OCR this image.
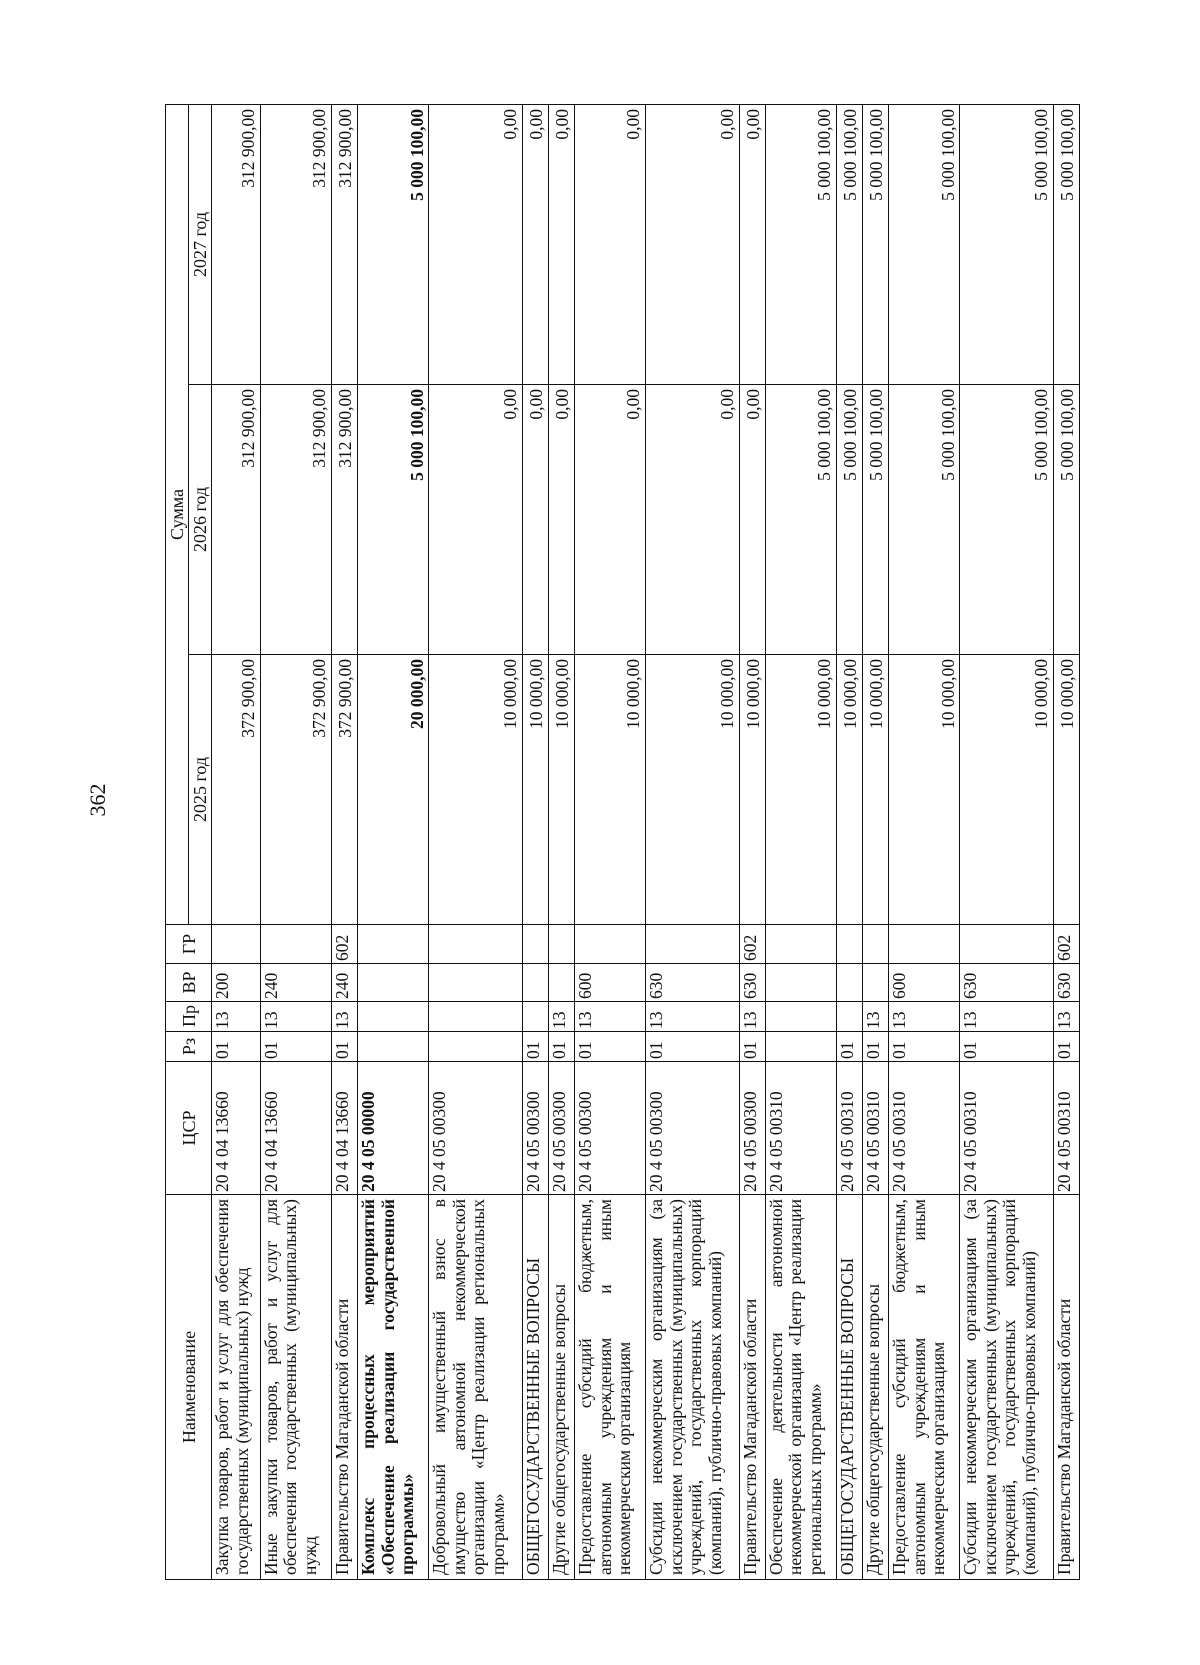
362
Наименование	ЦСР	Рз	Пр	ВР	ГР	Сумма		
						2025 год	2026 год	2027 год
Закупка товаров, работ и услуг для обеспечения государственных (муниципальных) нужд	20 4 04 13660	01	13	200		372 900,00	312 900,00	312 900,00
Иные закупки товаров, работ и услуг для обеспечения государственных (муниципальных) нужд	20 4 04 13660	01	13	240		372 900,00	312 900,00	312 900,00
Правительство Магаданской области	20 4 04 13660	01	13	240	602	372 900,00	312 900,00	312 900,00
Комплекс процессных мероприятий «Обеспечение реализации государственной программы»	20 4 05 00000					20 000,00	5 000 100,00	5 000 100,00
Добровольный имущественный взнос в имущество автономной некоммерческой организации «Центр реализации региональных программ»	20 4 05 00300					10 000,00	0,00	0,00
ОБЩЕГОСУДАРСТВЕННЫЕ ВОПРОСЫ	20 4 05 00300	01				10 000,00	0,00	0,00
Другие общегосударственные вопросы	20 4 05 00300	01	13			10 000,00	0,00	0,00
Предоставление субсидий бюджетным, автономным учреждениям и иным некоммерческим организациям	20 4 05 00300	01	13	600		10 000,00	0,00	0,00
Субсидии некоммерческим организациям (за исключением государственных (муниципальных) учреждений, государственных корпораций (компаний), публично-правовых компаний)	20 4 05 00300	01	13	630		10 000,00	0,00	0,00
Правительство Магаданской области	20 4 05 00300	01	13	630	602	10 000,00	0,00	0,00
Обеспечение деятельности автономной некоммерческой организации «Центр реализации региональных программ»	20 4 05 00310					10 000,00	5 000 100,00	5 000 100,00
ОБЩЕГОСУДАРСТВЕННЫЕ ВОПРОСЫ	20 4 05 00310	01				10 000,00	5 000 100,00	5 000 100,00
Другие общегосударственные вопросы	20 4 05 00310	01	13			10 000,00	5 000 100,00	5 000 100,00
Предоставление субсидий бюджетным, автономным учреждениям и иным некоммерческим организациям	20 4 05 00310	01	13	600		10 000,00	5 000 100,00	5 000 100,00
Субсидии некоммерческим организациям (за исключением государственных (муниципальных) учреждений, государственных корпораций (компаний), публично-правовых компаний)	20 4 05 00310	01	13	630		10 000,00	5 000 100,00	5 000 100,00
Правительство Магаданской области	20 4 05 00310	01	13	630	602	10 000,00	5 000 100,00	5 000 100,00
